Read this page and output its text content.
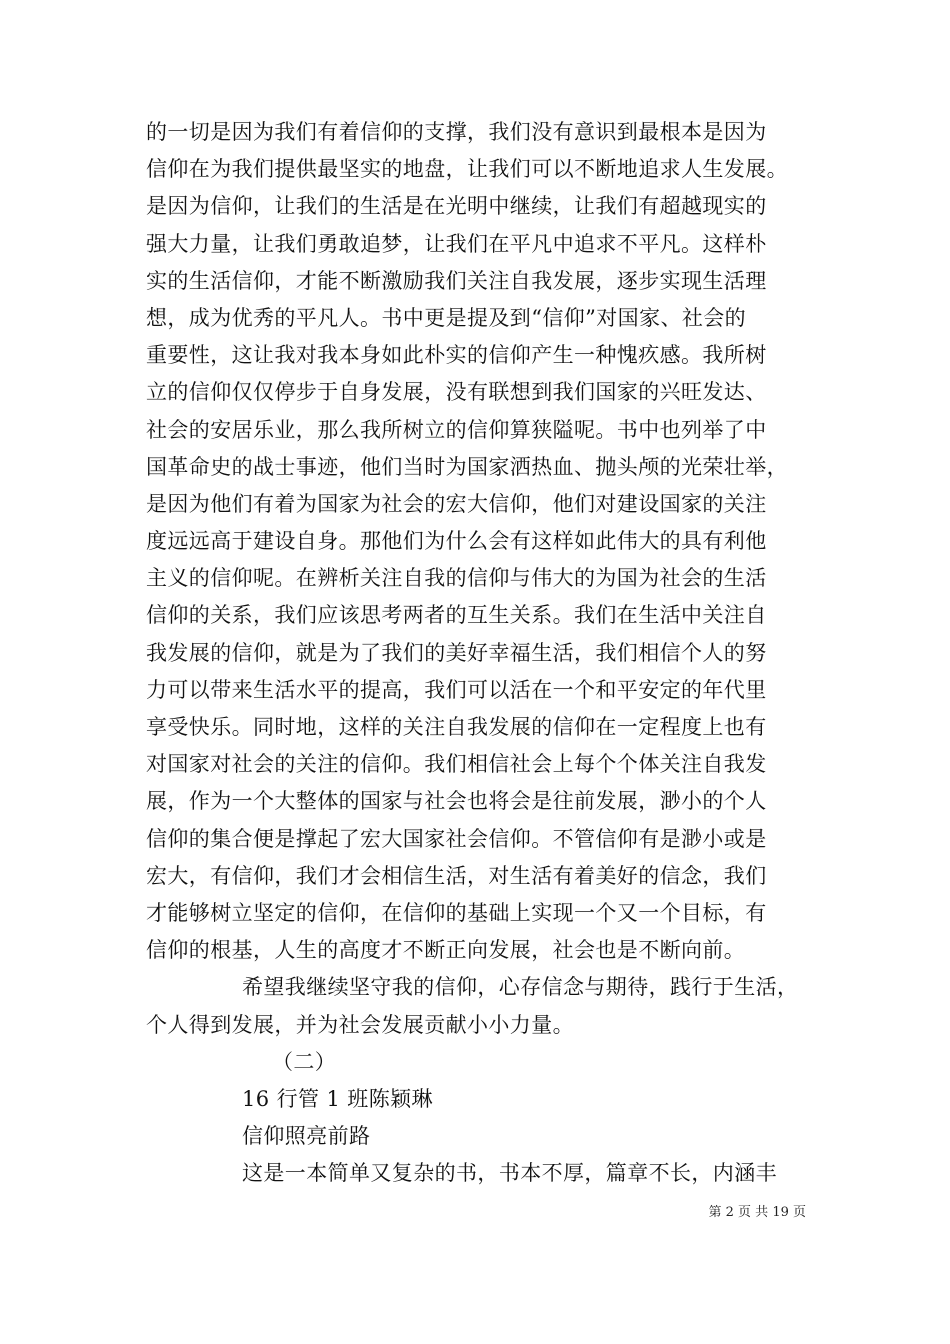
的一切是因为我们有着信仰的支撑，我们没有意识到最根本是因为
信仰在为我们提供最坚实的地盘，让我们可以不断地追求人生发展。
是因为信仰，让我们的生活是在光明中继续，让我们有超越现实的
强大力量，让我们勇敢追梦，让我们在平凡中追求不平凡。这样朴
实的生活信仰，才能不断激励我们关注自我发展，逐步实现生活理
想，成为优秀的平凡人。书中更是提及到“信仰”对国家、社会的
重要性，这让我对我本身如此朴实的信仰产生一种愧疚感。我所树
立的信仰仅仅停步于自身发展，没有联想到我们国家的兴旺发达、
社会的安居乐业，那么我所树立的信仰算狭隘呢。书中也列举了中
国革命史的战士事迹，他们当时为国家洒热血、抛头颅的光荣壮举，
是因为他们有着为国家为社会的宏大信仰，他们对建设国家的关注
度远远高于建设自身。那他们为什么会有这样如此伟大的具有利他
主义的信仰呢。在辨析关注自我的信仰与伟大的为国为社会的生活
信仰的关系，我们应该思考两者的互生关系。我们在生活中关注自
我发展的信仰，就是为了我们的美好幸福生活，我们相信个人的努
力可以带来生活水平的提高，我们可以活在一个和平安定的年代里
享受快乐。同时地，这样的关注自我发展的信仰在一定程度上也有
对国家对社会的关注的信仰。我们相信社会上每个个体关注自我发
展，作为一个大整体的国家与社会也将会是往前发展，渺小的个人
信仰的集合便是撑起了宏大国家社会信仰。不管信仰有是渺小或是
宏大，有信仰，我们才会相信生活，对生活有着美好的信念，我们
才能够树立坚定的信仰，在信仰的基础上实现一个又一个目标，有
信仰的根基，人生的高度才不断正向发展，社会也是不断向前。
希望我继续坚守我的信仰，心存信念与期待，践行于生活，
个人得到发展，并为社会发展贡献小小力量。
（二）
16 行管 1 班陈颖琳
信仰照亮前路
这是一本简单又复杂的书，书本不厚，篇章不长，内涵丰
第 2 页 共 19 页
